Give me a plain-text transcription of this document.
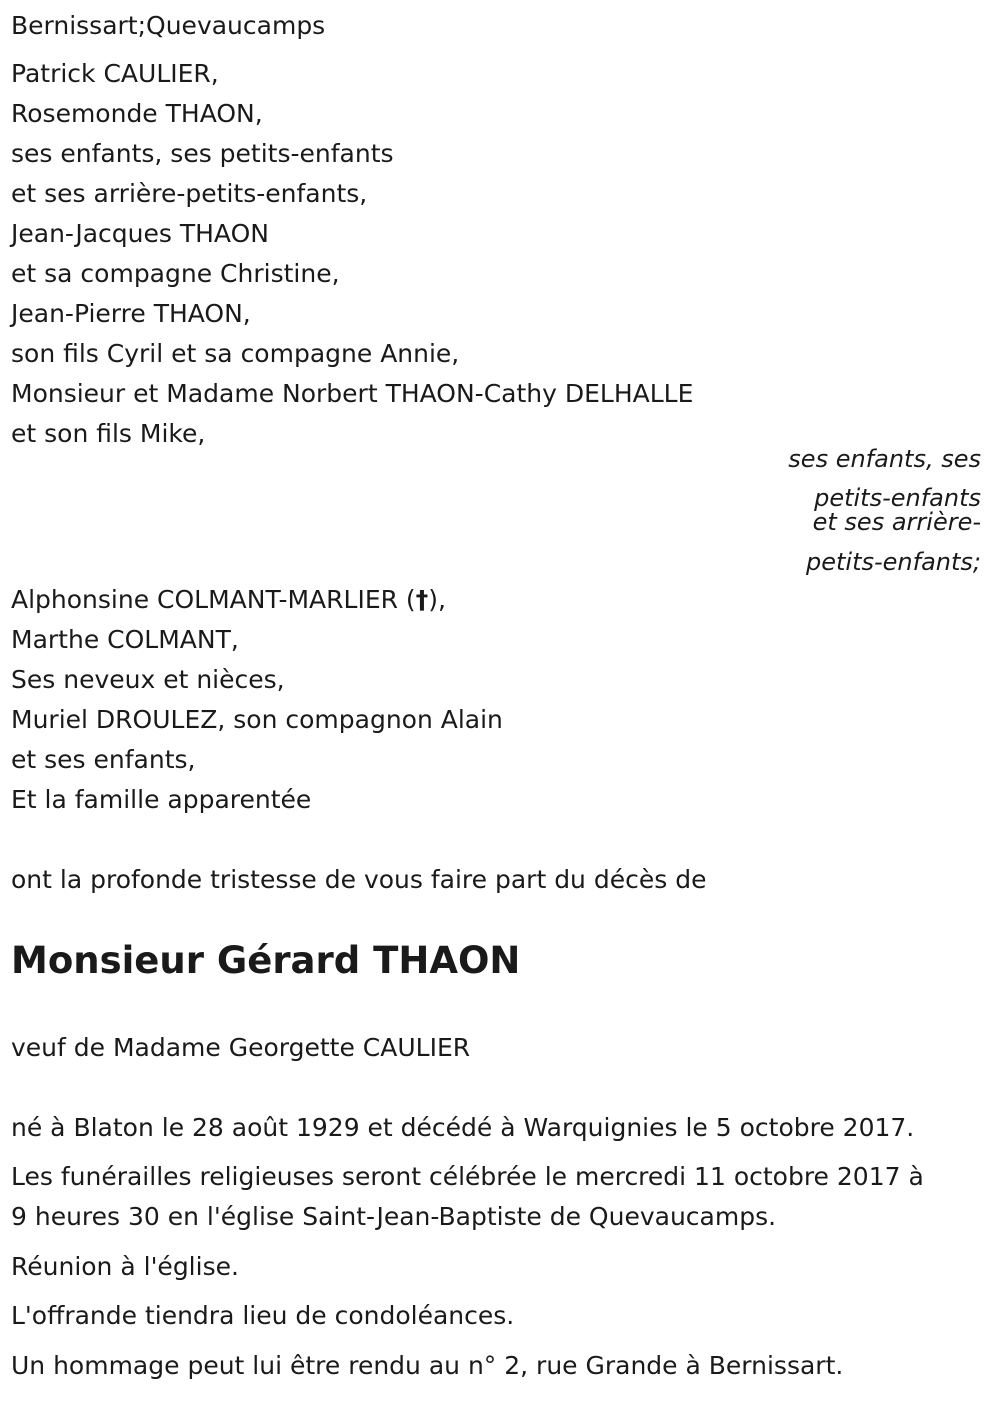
Bernissart;Quevaucamps
Patrick CAULIER,
Rosemonde THAON,
ses enfants, ses petits-enfants
et ses arrière-petits-enfants,
Jean-Jacques THAON
et sa compagne Christine,
Jean-Pierre THAON,
son fils Cyril et sa compagne Annie,
Monsieur et Madame Norbert THAON-Cathy DELHALLE
et son fils Mike,
ses enfants, ses
petits-enfants
et ses arrière-
petits-enfants;
Alphonsine COLMANT-MARLIER (†),
Marthe COLMANT,
Ses neveux et nièces,
Muriel DROULEZ, son compagnon Alain
et ses enfants,
Et la famille apparentée
ont la profonde tristesse de vous faire part du décès de
Monsieur Gérard THAON
veuf de Madame Georgette CAULIER
né à Blaton le 28 août 1929 et décédé à Warquignies le 5 octobre 2017.
Les funérailles religieuses seront célébrée le mercredi 11 octobre 2017 à
9 heures 30 en l'église Saint-Jean-Baptiste de Quevaucamps.
Réunion à l'église.
L'offrande tiendra lieu de condoléances.
Un hommage peut lui être rendu au n° 2, rue Grande à Bernissart.
